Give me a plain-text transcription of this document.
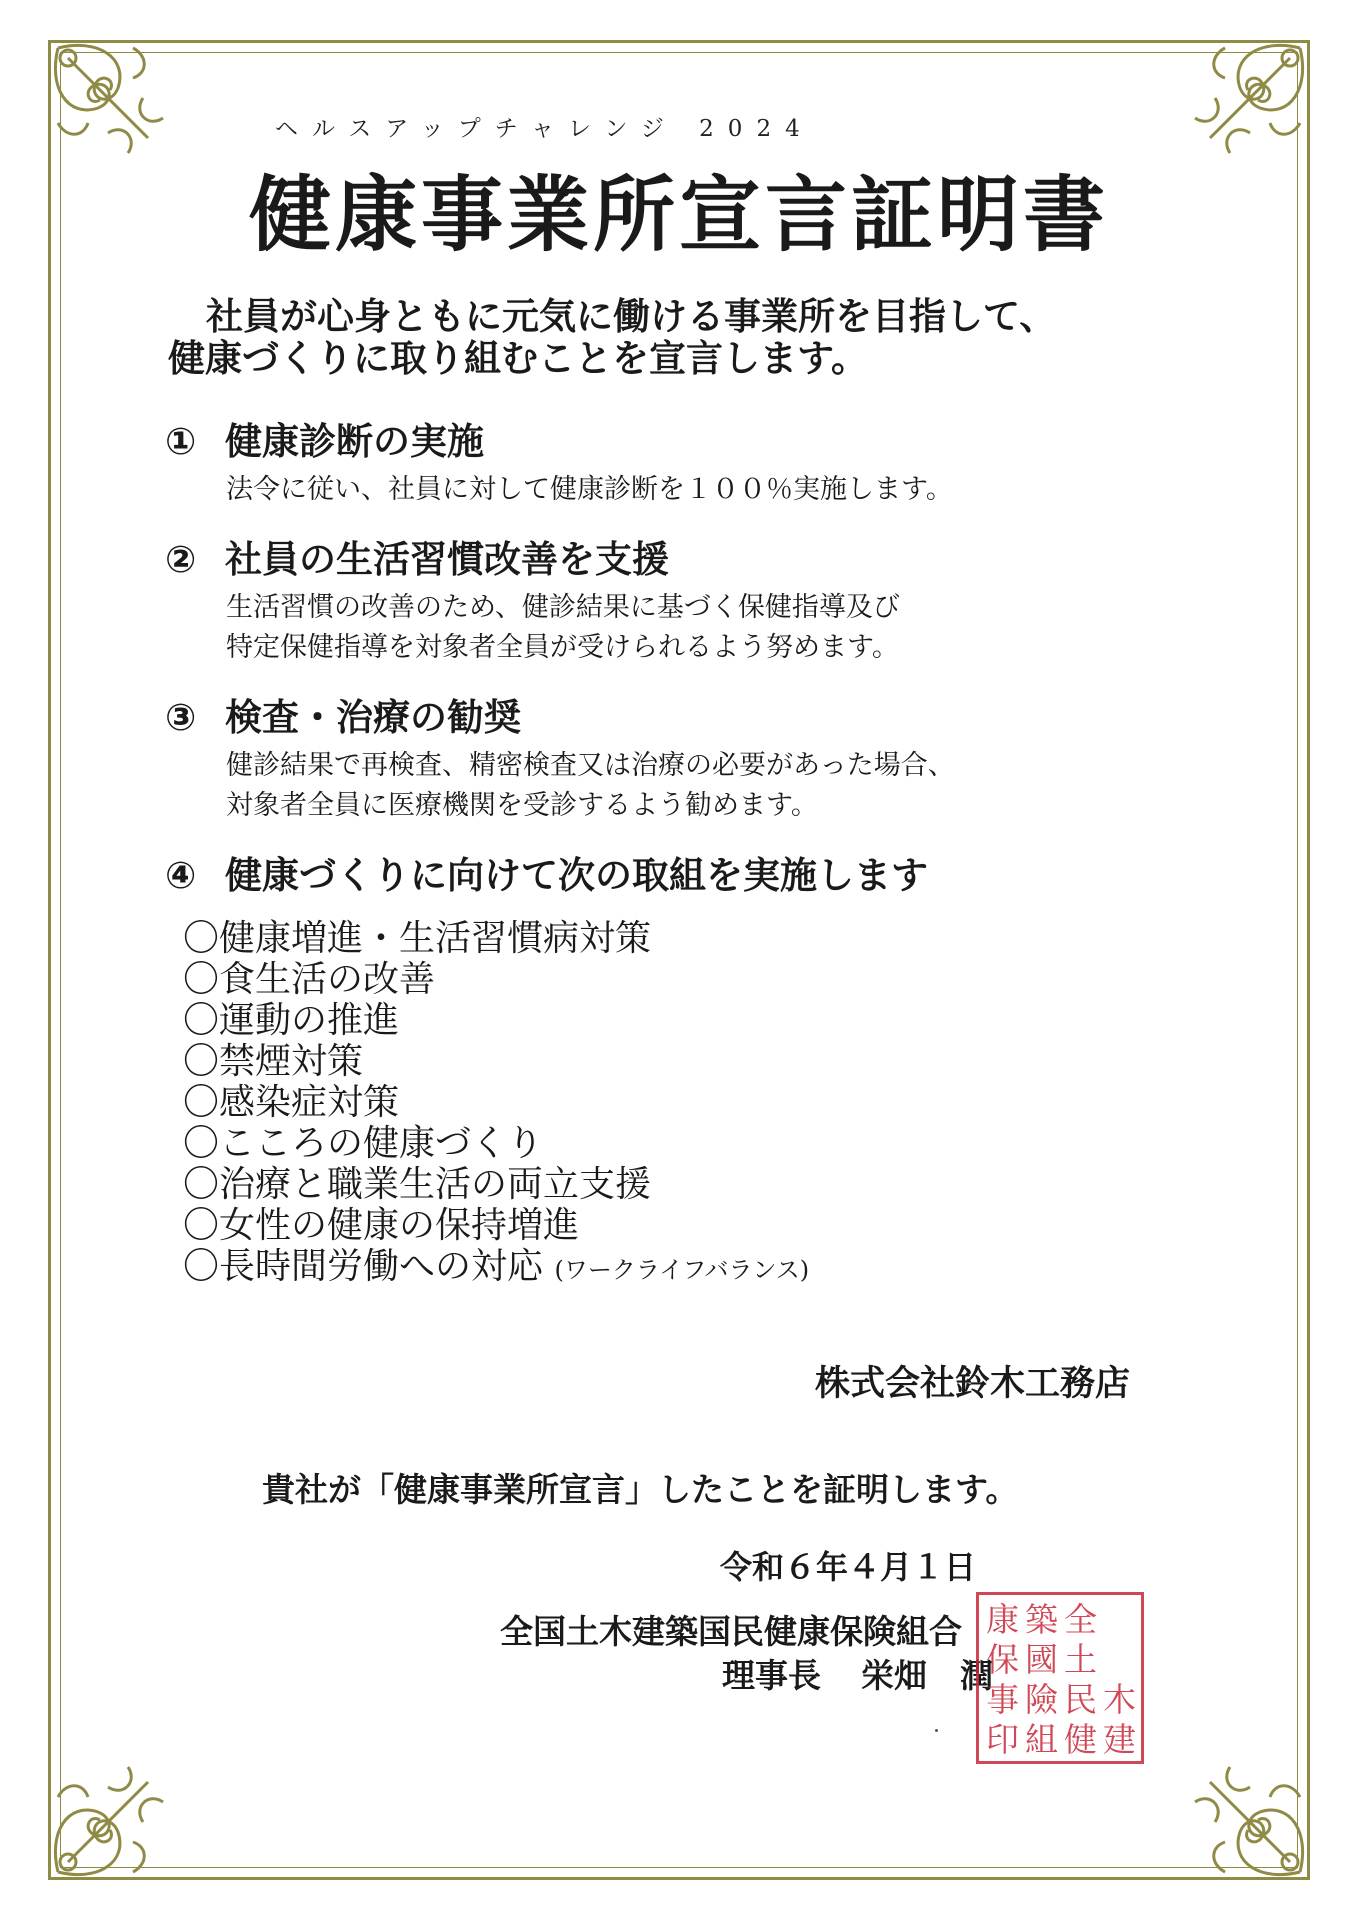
ヘルスアップチャレンジ 2024
健康事業所宣言証明書
社員が心身ともに元気に働ける事業所を目指して、
健康づくりに取り組むことを宣言します。
① 健康診断の実施
法令に従い、社員に対して健康診断を１００％実施します。
② 社員の生活習慣改善を支援
生活習慣の改善のため、健診結果に基づく保健指導及び
特定保健指導を対象者全員が受けられるよう努めます。
③ 検査・治療の勧奨
健診結果で再検査、精密検査又は治療の必要があった場合、
対象者全員に医療機関を受診するよう勧めます。
④ 健康づくりに向けて次の取組を実施します
〇健康増進・生活習慣病対策
〇食生活の改善
〇運動の推進
〇禁煙対策
〇感染症対策
〇こころの健康づくり
〇治療と職業生活の両立支援
〇女性の健康の保持増進
〇長時間労働への対応 (ワークライフバランス)
株式会社鈴木工務店
貴社が「健康事業所宣言」したことを証明します。
令和６年４月１日
全国土木建築国民健康保険組合
理事長 栄畑　潤
康 築 全
保 國 土
事 險 民 木
印 組 健 建
